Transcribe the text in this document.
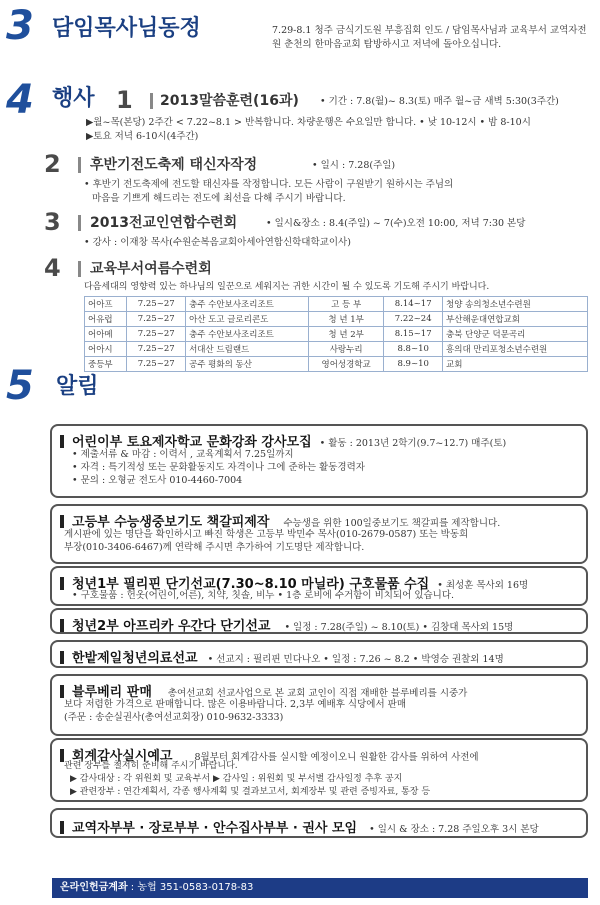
3 담임목사님동정	7.29-8.1 청주 금식기도원 부흥집회 인도 / 담임목사님과 교육부서 교역자전원 춘천의 한마음교회 탐방하시고 저녁에 돌아오십니다.
4 행사 1 2013말씀훈련(16과) • 기간 : 7.8(월)~ 8.3(토) 매주 월~금 새벽 5:30(3주간)
▶월~목(본당) 2주간 < 7.22~8.1 > 반복합니다. 차량운행은 수요일만 합니다. • 낮 10-12시 • 밤 8-10시
▶토요 저녁 6-10시(4주간)
2 후반기전도축제 태신자작정	• 일시 : 7.28(주일)
• 후반기 전도축제에 전도할 태신자를 작정합니다. 모든 사람이 구원받기 원하시는 주님의
마음을 기쁘게 해드리는 전도에 최선을 다해 주시기 바랍니다.
3 2013전교인연합수련회	• 일시&장소 : 8.4(주일) ~ 7(수)오전 10:00, 저녁 7:30 본당
• 강사 : 이재창 목사(수원순복음교회아세아연합신학대학교이사)
4 교육부서여름수련회
다음세대의 영향력 있는 하나님의 일꾼으로 세워지는 귀한 시간이 될 수 있도록 기도해 주시기 바랍니다.
어아프	7.25~27	충주 수안보사조리조트	고 등 부	8.14~17	청양 송의청소년수련원
어유럽	7.25~27	아산 도고 글로리콘도	청 년 1부	7.22~24	부산해운대연합교회
어아메	7.25~27	충주 수안보사조리조트	청 년 2부	8.15~17	충북 단양군 덕문곡리
어아시	7.25~27	서대산 드림랜드	사랑누리	8.8~10	흥의대 만리포청소년수련원
중등부	7.25~27	공주 평화의 동산	영어성경학교	8.9~10	교회
5 알림
어린이부 토요제자학교 문화강좌 강사모집 • 활동 : 2013년 2학기(9.7~12.7) 매주(토)
• 제출서류 & 마감 : 이력서 , 교육계획서 7.25일까지
• 자격 : 특기적성 또는 문화활동지도 자격이나 그에 준하는 활동경력자
• 문의 : 오형균 전도사 010-4460-7004
고등부 수능생중보기도 책갈피제작 수능생을 위한 100일중보기도 책갈피를 제작합니다.
게시판에 있는 명단을 확인하시고 빠진 학생은 고등부 박민수 목사(010-2679-0587) 또는 박동희
부장(010-3406-6467)께 연락해 주시면 추가하여 기도명단 제작합니다.
청년1부 필리핀 단기선교(7.30~8.10 마닐라) 구호물품 수집 • 최성훈 목사외 16명
• 구호물품 : 헌옷(어린이,어른), 치약, 칫솔, 비누 • 1층 로비에 수거함이 비치되어 있습니다.
청년2부 아프리카 우간다 단기선교 • 일정 : 7.28(주일) ~ 8.10(토) • 김창대 목사외 15명
한밭제일청년의료선교 • 선교지 : 필리핀 민다나오 • 일정 : 7.26 ~ 8.2 • 박영승 권찰외 14명
블루베리 판매 총여선교회 선교사업으로 본 교회 교인이 직접 재배한 블루베리를 시중가
보다 저렴한 가격으로 판매합니다. 많은 이용바랍니다. 2,3부 예배후 식당에서 판매
(주문 : 송순실권사(총여선교회장) 010-9632-3333)
회계감사실시예고 8월부터 회계감사를 실시할 예정이오니 원활한 감사를 위하여 사전에
관련 장부를 철저히 준비해 주시기 바랍니다.
▶ 감사대상 : 각 위원회 및 교육부서 ▶ 감사일 : 위원회 및 부서별 감사일정 추후 공지
▶ 관련장부 : 연간계획서, 각종 행사계획 및 결과보고서, 회계장부 및 관련 증빙자료, 통장 등
교역자부부 · 장로부부 · 안수집사부부 · 권사 모임 • 일시 & 장소 : 7.28 주일오후 3시 본당
온라인헌금계좌 : 농협 351-0583-0178-83
